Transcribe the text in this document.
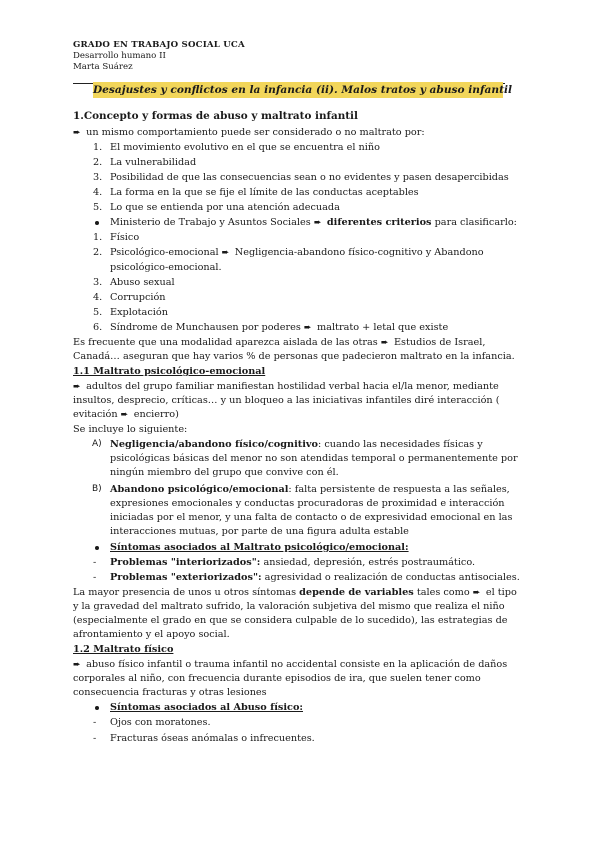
GRADO EN TRABAJO SOCIAL UCA
Desarrollo humano II
Marta Suárez
Desajustes y conflictos en la infancia (ii). Malos tratos y abuso infantil
1.Concepto y formas de abuso y maltrato infantil
➨ un mismo comportamiento puede ser considerado o no maltrato por:
1. El movimiento evolutivo en el que se encuentra el niño
2. La vulnerabilidad
3. Posibilidad de que las consecuencias sean o no evidentes y pasen desapercibidas
4. La forma en la que se fije el límite de las conductas aceptables
5. Lo que se entienda por una atención adecuada
Ministerio de Trabajo y Asuntos Sociales ➨ diferentes criterios para clasificarlo:
1. Físico
2. Psicológico-emocional ➨ Negligencia-abandono físico-cognitivo y Abandono
psicológico-emocional.
3. Abuso sexual
4. Corrupción
5. Explotación
6. Síndrome de Munchausen por poderes ➨ maltrato + letal que existe
Es frecuente que una modalidad aparezca aislada de las otras ➨ Estudios de Israel,
Canadá… aseguran que hay varios % de personas que padecieron maltrato en la infancia.
1.1 Maltrato psicológico-emocional
➨ adultos del grupo familiar manifiestan hostilidad verbal hacia el/la menor, mediante
insultos, desprecio, críticas… y un bloqueo a las iniciativas infantiles diré interacción (
evitación ➨ encierro)
Se incluye lo siguiente:
A) Negligencia/abandono físico/cognitivo: cuando las necesidades físicas y
psicológicas básicas del menor no son atendidas temporal o permanentemente por
ningún miembro del grupo que convive con él.
B) Abandono psicológico/emocional: falta persistente de respuesta a las señales,
expresiones emocionales y conductas procuradoras de proximidad e interacción
iniciadas por el menor, y una falta de contacto o de expresividad emocional en las
interacciones mutuas, por parte de una figura adulta estable
Síntomas asociados al Maltrato psicológico/emocional:
- Problemas "interiorizados": ansiedad, depresión, estrés postraumático.
- Problemas "exteriorizados": agresividad o realización de conductas antisociales.
La mayor presencia de unos u otros síntomas depende de variables tales como ➨ el tipo
y la gravedad del maltrato sufrido, la valoración subjetiva del mismo que realiza el niño
(especialmente el grado en que se considera culpable de lo sucedido), las estrategias de
afrontamiento y el apoyo social.
1.2 Maltrato físico
➨ abuso físico infantil o trauma infantil no accidental consiste en la aplicación de daños
corporales al niño, con frecuencia durante episodios de ira, que suelen tener como
consecuencia fracturas y otras lesiones
Síntomas asociados al Abuso físico:
- Ojos con moratones.
- Fracturas óseas anómalas o infrecuentes.
